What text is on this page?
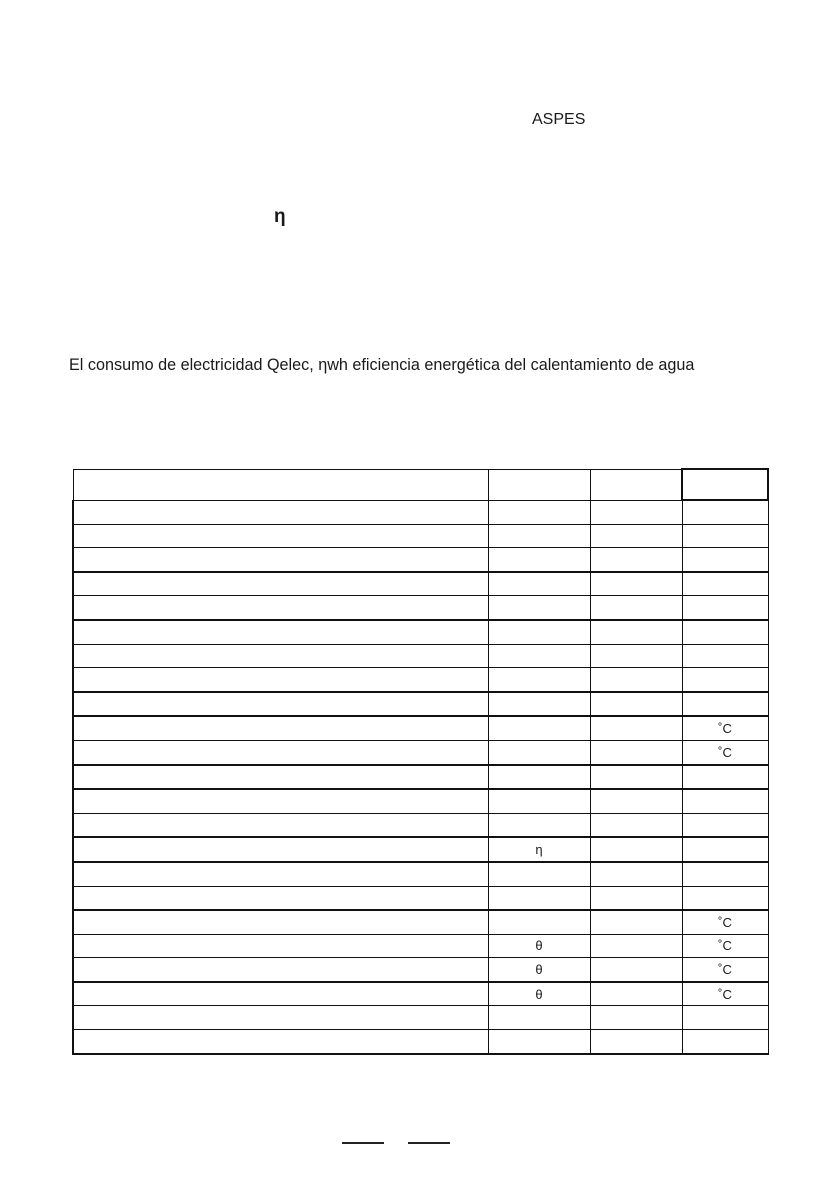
ASPES
η
El consumo de electricidad Qelec, ηwh eficiencia energética del calentamiento de agua

			˚C
			˚C

	η		

			˚C
	θ		˚C
	θ		˚C
	θ		˚C
